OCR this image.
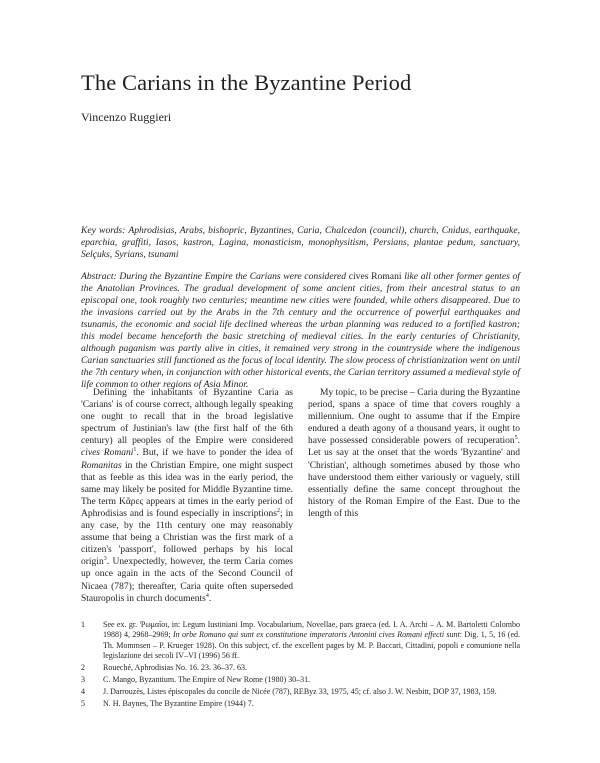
The Carians in the Byzantine Period
Vincenzo Ruggieri

Key words: Aphrodisias, Arabs, bishopric, Byzantines, Caria, Chalcedon (council), church, Cnidus, earthquake, eparchia, graffiti, Iasos, kastron, Lagina, monasticism, monophysitism, Persians, plantae pedum, sanctuary, Selçuks, Syrians, tsunami

Abstract: During the Byzantine Empire the Carians were considered cives Romani like all other former gentes of the Anatolian Provinces. The gradual development of some ancient cities, from their ancestral status to an episcopal one, took roughly two centuries; meantime new cities were founded, while others disappeared. Due to the invasions carried out by the Arabs in the 7th century and the occurrence of powerful earthquakes and tsunamis, the economic and social life declined whereas the urban planning was reduced to a fortified kastron; this model became henceforth the basic stretching of medieval cities. In the early centuries of Christianity, although paganism was partly alive in cities, it remained very strong in the countryside where the indigenous Carian sanctuaries still functioned as the focus of local identity. The slow process of christianization went on until the 7th century when, in conjunction with other historical events, the Carian territory assumed a medieval style of life common to other regions of Asia Minor.

Defining the inhabitants of Byzantine Caria as 'Carians' is of course correct, although legally speaking one ought to recall that in the broad legislative spectrum of Justinian's law (the first half of the 6th century) all peoples of the Empire were considered cives Romani$^1$. But, if we have to ponder the idea of Romanitas in the Christian Empire, one might suspect that as feeble as this idea was in the early period, the same may likely be posited for Middle Byzantine time. The term Κᾶρες appears at times in the early period of Aphrodisias and is found especially in inscriptions$^2$; in any case, by the 11th century one may reasonably assume that being a Christian was the first mark of a citizen's 'passport', followed perhaps by his local origin$^3$. Unexpectedly, however, the term Caria comes up once again in the acts of the Second Council of Nicaea (787); thereafter, Caria quite often superseded Stauropolis in church documents$^4$.

My topic, to be precise – Caria during the Byzantine period, spans a space of time that covers roughly a millennium. One ought to assume that if the Empire endured a death agony of a thousand years, it ought to have possessed considerable powers of recuperation$^5$. Let us say at the onset that the words 'Byzantine' and 'Christian', although sometimes abused by those who have understood them either variously or vaguely, still essentially define the same concept throughout the history of the Roman Empire of the East. Due to the length of this

1	See ex. gr. 'Ρωμαῖοι, in: Legum Iustiniani Imp. Vocabularium, Novellae, pars graeca (ed. I. A. Archi – A. M. Bartoletti Colombo 1988) 4, 2968–2969; In orbe Romano qui sunt ex constitutione imperatoris Antonini cives Romani effecti sunt: Dig. 1, 5, 16 (ed. Th. Mommsen – P. Krueger 1928). On this subject, cf. the excellent pages by M. P. Baccari, Cittadini, popoli e comunione nella legislazione dei secoli IV–VI (1996) 56 ff.
2	Roueché, Aphrodisias No. 16. 23. 36–37. 63.
3	C. Mango, Byzantium. The Empire of New Rome (1980) 30–31.
4	J. Darrouzès, Listes épiscopales du concile de Nicée (787), REByz 33, 1975, 45; cf. also J. W. Nesbitt, DOP 37, 1983, 159.
5	N. H. Baynes, The Byzantine Empire (1944) 7.
